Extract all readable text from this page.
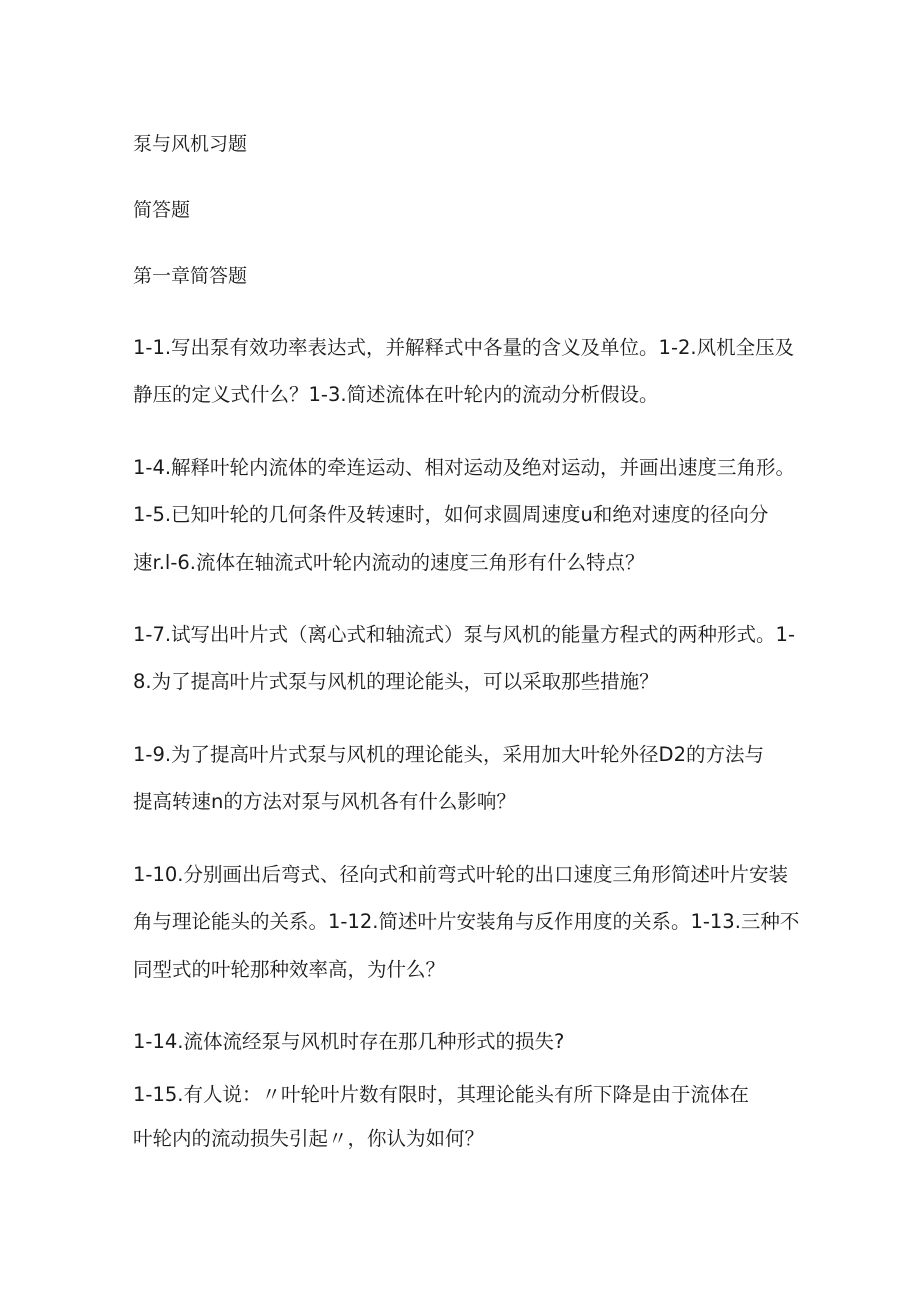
泵与风机习题
简答题
第一章简答题

1-1.写出泵有效功率表达式，并解释式中各量的含义及单位。1-2.风机全压及

静压的定义式什么？1-3.简述流体在叶轮内的流动分析假设。

1-4.解释叶轮内流体的牵连运动、相对运动及绝对运动，并画出速度三角形。

1-5.已知叶轮的几何条件及转速时，如何求圆周速度u和绝对速度的径向分

速r.l-6.流体在轴流式叶轮内流动的速度三角形有什么特点？

1-7.试写出叶片式（离心式和轴流式）泵与风机的能量方程式的两种形式。1-

8.为了提高叶片式泵与风机的理论能头，可以采取那些措施？

1-9.为了提高叶片式泵与风机的理论能头，采用加大叶轮外径D2的方法与

提高转速n的方法对泵与风机各有什么影响？

1-10.分别画出后弯式、径向式和前弯式叶轮的出口速度三角形简述叶片安装

角与理论能头的关系。1-12.简述叶片安装角与反作用度的关系。1-13.三种不

同型式的叶轮那种效率高，为什么？

1-14.流体流经泵与风机时存在那几种形式的损失?

1-15.有人说：〃叶轮叶片数有限时，其理论能头有所下降是由于流体在

叶轮内的流动损失引起〃，你认为如何？
